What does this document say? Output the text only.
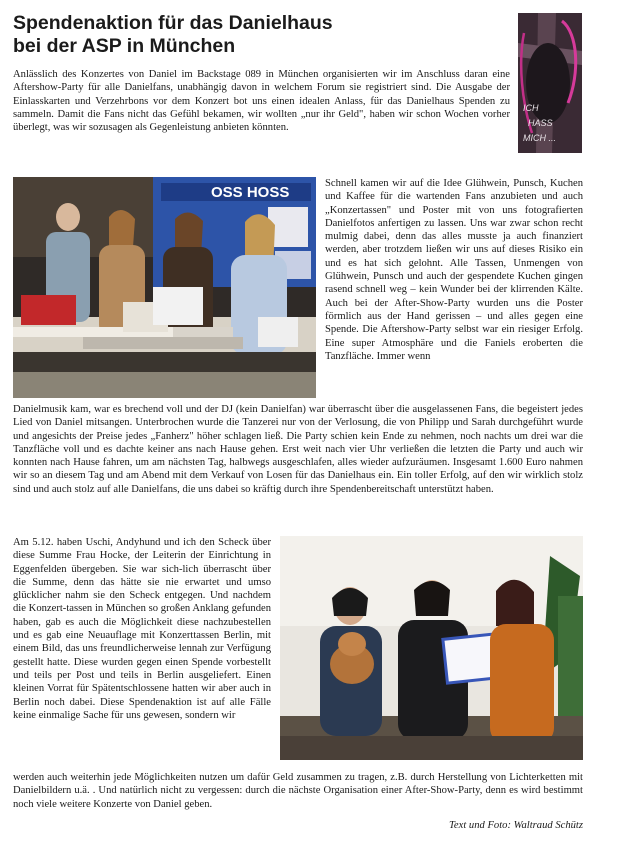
Spendenaktion für das Danielhaus
bei der ASP in München
ICH
HASS
MICH ...

Anlässlich des Konzertes von Daniel im Backstage 089 in München organisierten wir im Anschluss daran eine Aftershow-Party für alle Danielfans, unabhängig davon in welchem Forum sie registriert sind. Die Ausgabe der Einlasskarten und Verzehrbons vor dem Konzert bot uns einen idealen Anlass, für das Danielhaus Spenden zu sammeln. Damit die Fans nicht das Gefühl bekamen, wir wollten „nur ihr Geld", haben wir schon Wochen vorher überlegt, was wir sozusagen als Gegenleistung anbieten könnten.

OSS HOSS

Schnell kamen wir auf die Idee Glühwein, Punsch, Kuchen und Kaffee für die wartenden Fans anzubieten und auch „Konzertassen" und Poster mit von uns fotografierten Danielfotos anfertigen zu lassen. Uns war zwar schon recht mulmig dabei, denn das alles musste ja auch finanziert werden, aber trotzdem ließen wir uns auf dieses Risiko ein und es hat sich gelohnt. Alle Tassen, Unmengen von Glühwein, Punsch und auch der gespendete Kuchen gingen rasend schnell weg – kein Wunder bei der klirrenden Kälte. Auch bei der After-Show-Party wurden uns die Poster förmlich aus der Hand gerissen – und alles gegen eine Spende. Die Aftershow-Party selbst war ein riesiger Erfolg. Eine super Atmosphäre und die Faniels eroberten die Tanzfläche. Immer wenn

Danielmusik kam, war es brechend voll und der DJ (kein Danielfan) war überrascht über die ausgelassenen Fans, die begeistert jedes Lied von Daniel mitsangen. Unterbrochen wurde die Tanzerei nur von der Verlosung, die von Philipp und Sarah durchgeführt wurde und angesichts der Preise jedes „Fanherz" höher schlagen ließ. Die Party schien kein Ende zu nehmen, noch nachts um drei war die Tanzfläche voll und es dachte keiner ans nach Hause gehen. Erst weit nach vier Uhr verließen die letzten die Party und auch wir konnten nach Hause fahren, um am nächsten Tag, halbwegs ausgeschlafen, alles wieder aufzuräumen. Insgesamt 1.600 Euro nahmen wir so an diesem Tag und am Abend mit dem Verkauf von Losen für das Danielhaus ein. Ein toller Erfolg, auf den wir wirklich stolz sind und auch stolz auf alle Danielfans, die uns dabei so kräftig durch ihre Spendenbereitschaft unterstützt haben.

Am 5.12. haben Uschi, Andyhund und ich den Scheck über diese Summe Frau Hocke, der Leiterin der Einrichtung in Eggenfelden übergeben. Sie war sich-lich überrascht über die Summe, denn das hätte sie nie erwartet und umso glücklicher nahm sie den Scheck entgegen. Und nachdem die Konzert-tassen in München so großen Anklang gefunden haben, gab es auch die Möglichkeit diese nachzubestellen und es gab eine Neuauflage mit Konzerttassen Berlin, mit einem Bild, das uns freundlicherweise lennah zur Verfügung gestellt hatte. Diese wurden gegen einen Spende vorbestellt und teils per Post und teils in Berlin ausgeliefert. Einen kleinen Vorrat für Spätentschlossene hatten wir aber auch in Berlin noch dabei. Diese Spendenaktion ist auf alle Fälle keine einmalige Sache für uns gewesen, sondern wir

werden auch weiterhin jede Möglichkeiten nutzen um dafür Geld zusammen zu tragen, z.B. durch Herstellung von Lichterketten mit Danielbildern u.ä. . Und natürlich nicht zu vergessen: durch die nächste Organisation einer After-Show-Party, denn es wird bestimmt noch viele weitere Konzerte von Daniel geben.

Text und Foto: Waltraud Schütz
